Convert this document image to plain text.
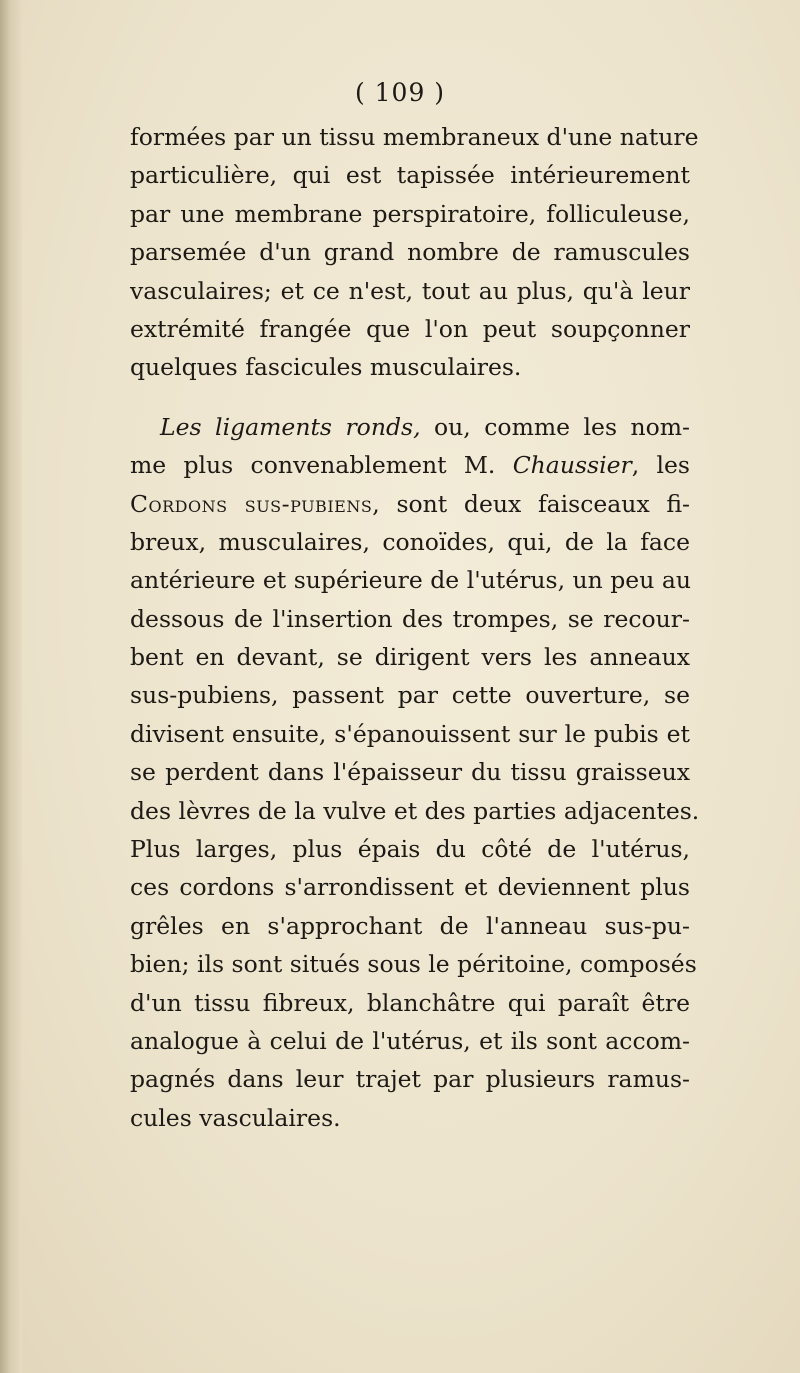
( 109 )
formées par un tissu membraneux d'une nature
particulière, qui est tapissée intérieurement
par une membrane perspiratoire, folliculeuse,
parsemée d'un grand nombre de ramuscules
vasculaires; et ce n'est, tout au plus, qu'à leur
extrémité frangée que l'on peut soupçonner
quelques fascicules musculaires.
Les ligaments ronds, ou, comme les nom-
me plus convenablement M. Chaussier, les
Cordons sus-pubiens, sont deux faisceaux fi-
breux, musculaires, conoïdes, qui, de la face
antérieure et supérieure de l'utérus, un peu au
dessous de l'insertion des trompes, se recour-
bent en devant, se dirigent vers les anneaux
sus-pubiens, passent par cette ouverture, se
divisent ensuite, s'épanouissent sur le pubis et
se perdent dans l'épaisseur du tissu graisseux
des lèvres de la vulve et des parties adjacentes.
Plus larges, plus épais du côté de l'utérus,
ces cordons s'arrondissent et deviennent plus
grêles en s'approchant de l'anneau sus-pu-
bien; ils sont situés sous le péritoine, composés
d'un tissu fibreux, blanchâtre qui paraît être
analogue à celui de l'utérus, et ils sont accom-
pagnés dans leur trajet par plusieurs ramus-
cules vasculaires.
